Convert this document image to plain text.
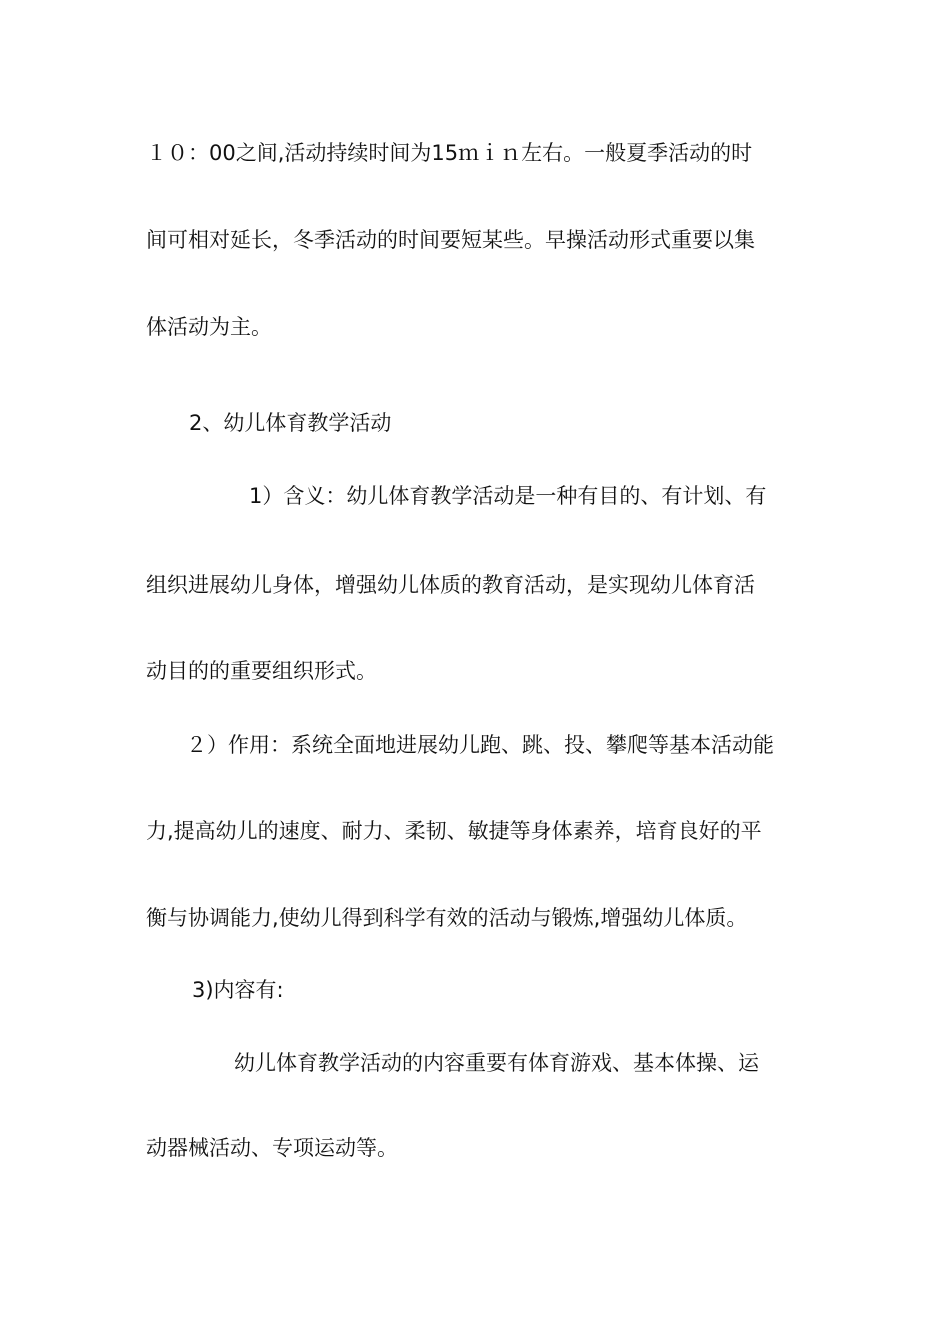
１０：00之间,活动持续时间为15ｍｉｎ左右。一般夏季活动的时
间可相对延长，冬季活动的时间要短某些。早操活动形式重要以集
体活动为主。
2、幼儿体育教学活动
1）含义：幼儿体育教学活动是一种有目的、有计划、有
组织进展幼儿身体，增强幼儿体质的教育活动，是实现幼儿体育活
动目的的重要组织形式。
２）作用：系统全面地进展幼儿跑、跳、投、攀爬等基本活动能
力,提高幼儿的速度、耐力、柔韧、敏捷等身体素养，培育良好的平
衡与协调能力,使幼儿得到科学有效的活动与锻炼,增强幼儿体质。
3)内容有:
幼儿体育教学活动的内容重要有体育游戏、基本体操、运
动器械活动、专项运动等。
